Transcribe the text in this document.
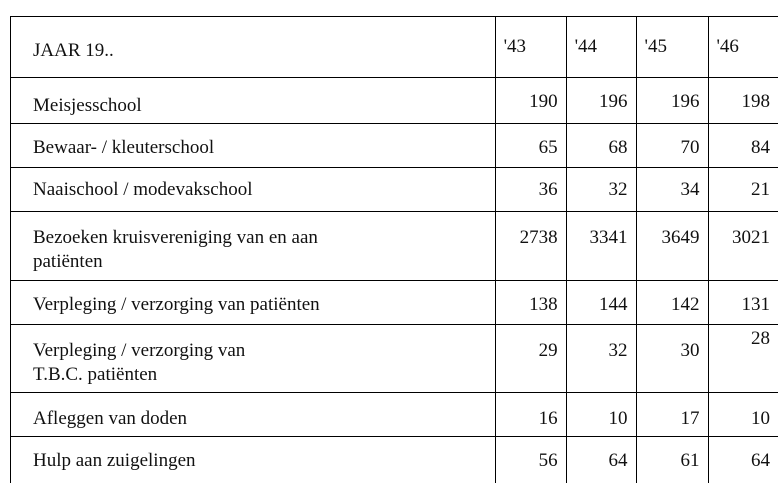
JAAR 19..	'43	'44	'45	'46

Meisjesschool	190	196	196	198

Bewaar- / kleuterschool	65	68	70	84

Naaischool / modevakschool	36	32	34	21

Bezoeken kruisvereniging van en aan
patiënten	2738	3341	3649	3021

Verpleging / verzorging van patiënten	138	144	142	131

Verpleging / verzorging van
T.B.C. patiënten	29	32	30	28

Afleggen van doden	16	10	17	10

Hulp aan zuigelingen	56	64	61	64
